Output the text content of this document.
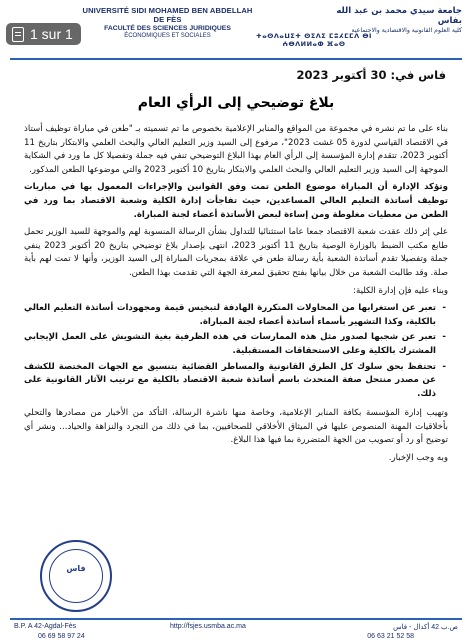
1 sur 1
UNIVERSITÉ SIDI MOHAMED BEN ABDELLAH DE FÈS
FACULTÉ DES SCIENCES JURIDIQUES
ÉCONOMIQUES ET SOCIALES	ⵜⴰⵙⴷⴰⵡⵉⵜ ⵙⵉⴷⵉ ⵎⵓⵃⵎⵎⴷ ⴱⵏ ⵄⴱⴷⵍⵍⴰⵀ ⴼⴰⵙ
جامعة سيدي محمد بن عبد الله بفاس
كلية العلوم القانونية والاقتصادية والاجتماعية
فاس في: 30 أكتوبر 2023
بلاغ توضيحي إلى الرأي العام

بناء على ما تم نشره في مجموعة من المواقع والمنابر الإعلامية بخصوص ما تم تسميته بـ "طعن في مباراة توظيف أستاذ في الاقتصاد القياسي لدورة 05 غشت 2023"، مرفوع إلى السيد وزير التعليم العالي والبحث العلمي والابتكار بتاريخ 11 أكتوبر 2023، تتقدم إدارة المؤسسة إلى الرأي العام بهذا البلاغ التوضيحي تنفي فيه جملة وتفصيلا كل ما ورد في الشكاية الموجهة إلى السيد وزير التعليم العالي والبحث العلمي والابتكار بتاريخ 10 أكتوبر 2023 والتي موضوعها الطعن المذكور.

وتؤكد الإدارة أن المباراة موضوع الطعن تمت وفق القوانين والإجراءات المعمول بها في مباريات توظيف أساتذة التعليم العالي المساعدين، حيث تفاجأت إدارة الكلية وشعبة الاقتصاد بما ورد في الطعن من معطيات مغلوطة ومن إساءة لبعض الأساتذة أعضاء لجنة المباراة.

على إثر ذلك عقدت شعبة الاقتصاد جمعا عاما استثنائيا للتداول بشأن الرسالة المنسوبة لهم والموجهة للسيد الوزير تحمل طابع مكتب الضبط بالوزارة الوصية بتاريخ 11 أكتوبر 2023، انتهى بإصدار بلاغ توضيحي بتاريخ 20 أكتوبر 2023 ينفي جملة وتفصيلا تقدم أساتذة الشعبة بأية رسالة طعن في علاقة بمجريات المباراة إلى السيد الوزير، وأنها لا تمت لهم بأية صلة. وقد طالبت الشعبة من خلال بيانها بفتح تحقيق لمعرفة الجهة التي تقدمت بهذا الطعن.

وبناء عليه فإن إدارة الكلية:

- تعبر عن استغرابها من المحاولات المتكررة الهادفة لتبخيس قيمة ومجهودات أساتذة التعليم العالي بالكلية، وكذا التشهير بأسماء أساتذة أعضاء لجنة المباراة.
- تعبر عن شجبها لصدور مثل هذه الممارسات في هذه الظرفية بغية التشويش على العمل الإيجابي المشترك بالكلية وعلى الاستحقاقات المستقبلية.
- تحتفظ بحق سلوك كل الطرق القانونية والمساطر القضائية بتنسيق مع الجهات المختصة للكشف عن مصدر منتحل صفة المتحدث باسم أساتذة شعبة الاقتصاد بالكلية مع ترتيب الآثار القانونية على ذلك.

وتهيب إدارة المؤسسة بكافة المنابر الإعلامية، وخاصة منها ناشرة الرسالة، التأكد من الأخبار من مصادرها والتحلي بأخلاقيات المهنة المنصوص عليها في الميثاق الأخلاقي للصحافيين، بما في ذلك من التجرد والنزاهة والحياد... ونشر أي توضيح أو رد أو تصويب من الجهة المتضررة بما فيها هذا البلاغ.

وبه وجب الإخبار.

فاس
B.P. A 42-Agdal-Fès	http://fsjes.usmba.ac.ma	ص.ب 42 أكدال - فاس
06 69 58 97 24	06 63 21 52 58
